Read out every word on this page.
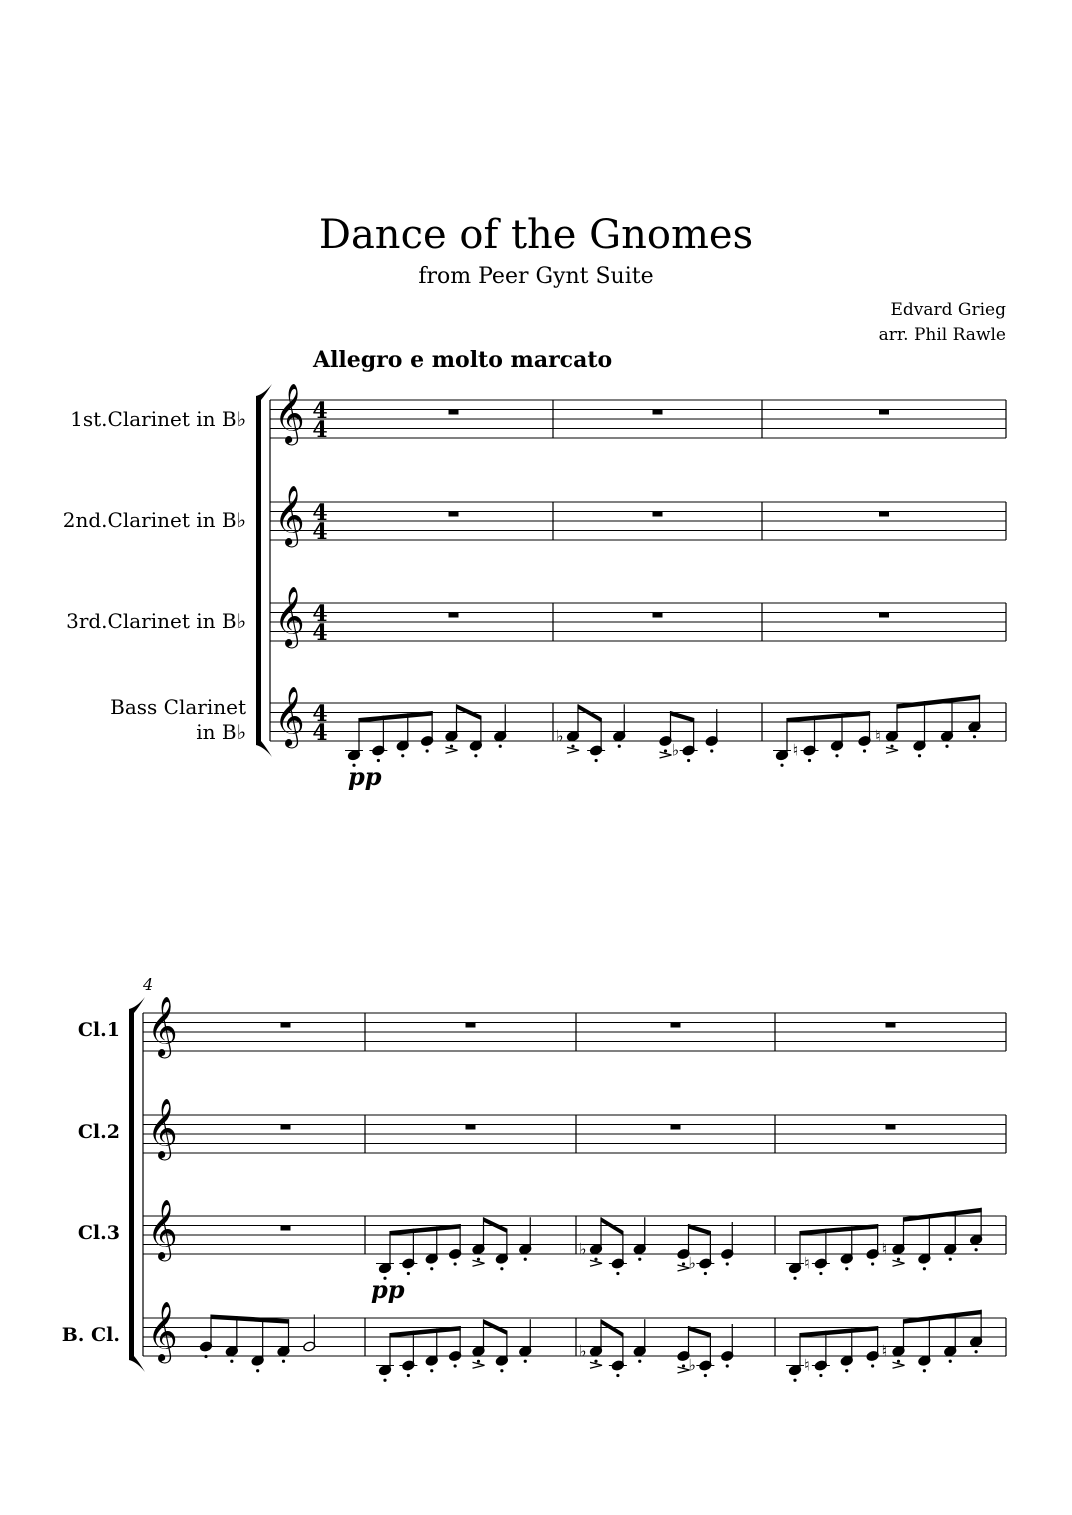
Dance of the Gnomes
from Peer Gynt Suite
Edvard Grieg
arr. Phil Rawle
Allegro e molto marcato
1st.Clarinet in B♭
2nd.Clarinet in B♭
3rd.Clarinet in B♭
Bass Clarinet
in B♭
Cl.1
Cl.2
Cl.3
B. Cl.
𝄞 4
4
𝄞 4
4
𝄞 4
4
𝄞 4
4	♭
♭	♮
♮
pp
𝄞
𝄞
𝄞	♭
♭	♮
♮
pp
𝄞	♭
♭	♮
♮
4
